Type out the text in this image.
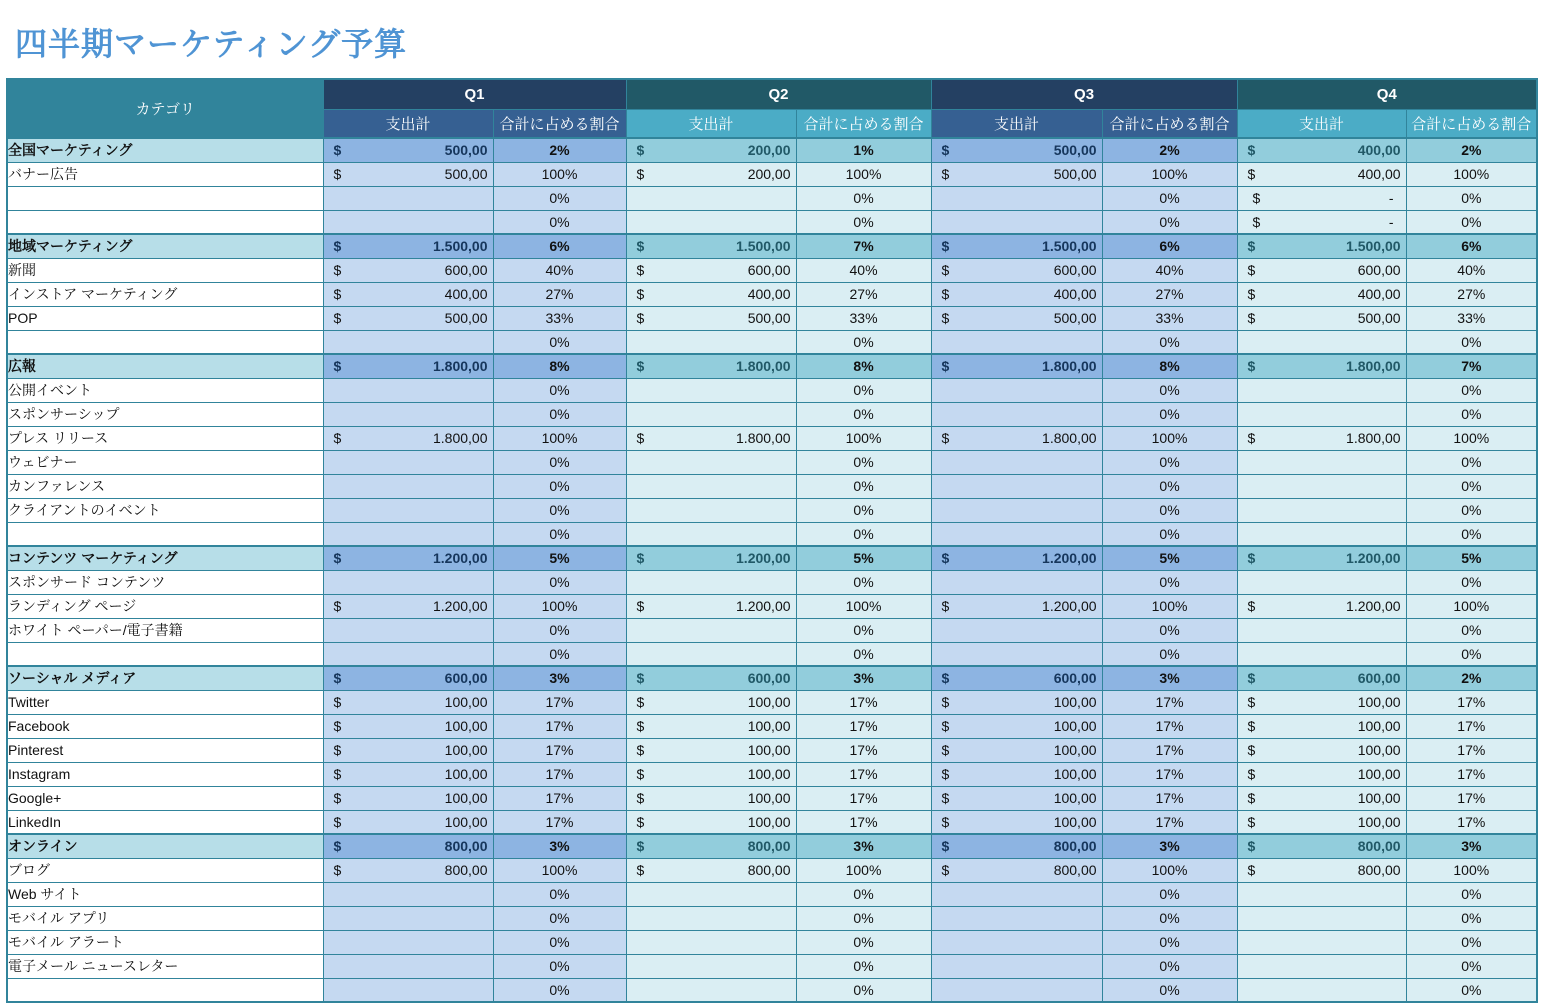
四半期マーケティング予算
カテゴリ	Q1		Q2		Q3		Q4	
	支出計	合計に占める割合	支出計	合計に占める割合	支出計	合計に占める割合	支出計	合計に占める割合
全国マーケティング	$ 500,00	2%	$ 200,00	1%	$ 500,00	2%	$ 400,00	2%
バナー広告	$ 500,00	100%	$ 200,00	100%	$ 500,00	100%	$ 400,00	100%
		0%		0%		0%	$ -	0%
		0%		0%		0%	$ -	0%
地域マーケティング	$ 1.500,00	6%	$ 1.500,00	7%	$ 1.500,00	6%	$ 1.500,00	6%
新聞	$ 600,00	40%	$ 600,00	40%	$ 600,00	40%	$ 600,00	40%
インストア マーケティング	$ 400,00	27%	$ 400,00	27%	$ 400,00	27%	$ 400,00	27%
POP	$ 500,00	33%	$ 500,00	33%	$ 500,00	33%	$ 500,00	33%
		0%		0%		0%		0%
広報	$ 1.800,00	8%	$ 1.800,00	8%	$ 1.800,00	8%	$ 1.800,00	7%
公開イベント		0%		0%		0%		0%
スポンサーシップ		0%		0%		0%		0%
プレス リリース	$ 1.800,00	100%	$ 1.800,00	100%	$ 1.800,00	100%	$ 1.800,00	100%
ウェビナー		0%		0%		0%		0%
カンファレンス		0%		0%		0%		0%
クライアントのイベント		0%		0%		0%		0%
		0%		0%		0%		0%
コンテンツ マーケティング	$ 1.200,00	5%	$ 1.200,00	5%	$ 1.200,00	5%	$ 1.200,00	5%
スポンサード コンテンツ		0%		0%		0%		0%
ランディング ページ	$ 1.200,00	100%	$ 1.200,00	100%	$ 1.200,00	100%	$ 1.200,00	100%
ホワイト ペーパー/電子書籍		0%		0%		0%		0%
		0%		0%		0%		0%
ソーシャル メディア	$ 600,00	3%	$ 600,00	3%	$ 600,00	3%	$ 600,00	2%
Twitter	$ 100,00	17%	$ 100,00	17%	$ 100,00	17%	$ 100,00	17%
Facebook	$ 100,00	17%	$ 100,00	17%	$ 100,00	17%	$ 100,00	17%
Pinterest	$ 100,00	17%	$ 100,00	17%	$ 100,00	17%	$ 100,00	17%
Instagram	$ 100,00	17%	$ 100,00	17%	$ 100,00	17%	$ 100,00	17%
Google+	$ 100,00	17%	$ 100,00	17%	$ 100,00	17%	$ 100,00	17%
LinkedIn	$ 100,00	17%	$ 100,00	17%	$ 100,00	17%	$ 100,00	17%
オンライン	$ 800,00	3%	$ 800,00	3%	$ 800,00	3%	$ 800,00	3%
ブログ	$ 800,00	100%	$ 800,00	100%	$ 800,00	100%	$ 800,00	100%
Web サイト		0%		0%		0%		0%
モバイル アプリ		0%		0%		0%		0%
モバイル アラート		0%		0%		0%		0%
電子メール ニュースレター		0%		0%		0%		0%
		0%		0%		0%		0%
